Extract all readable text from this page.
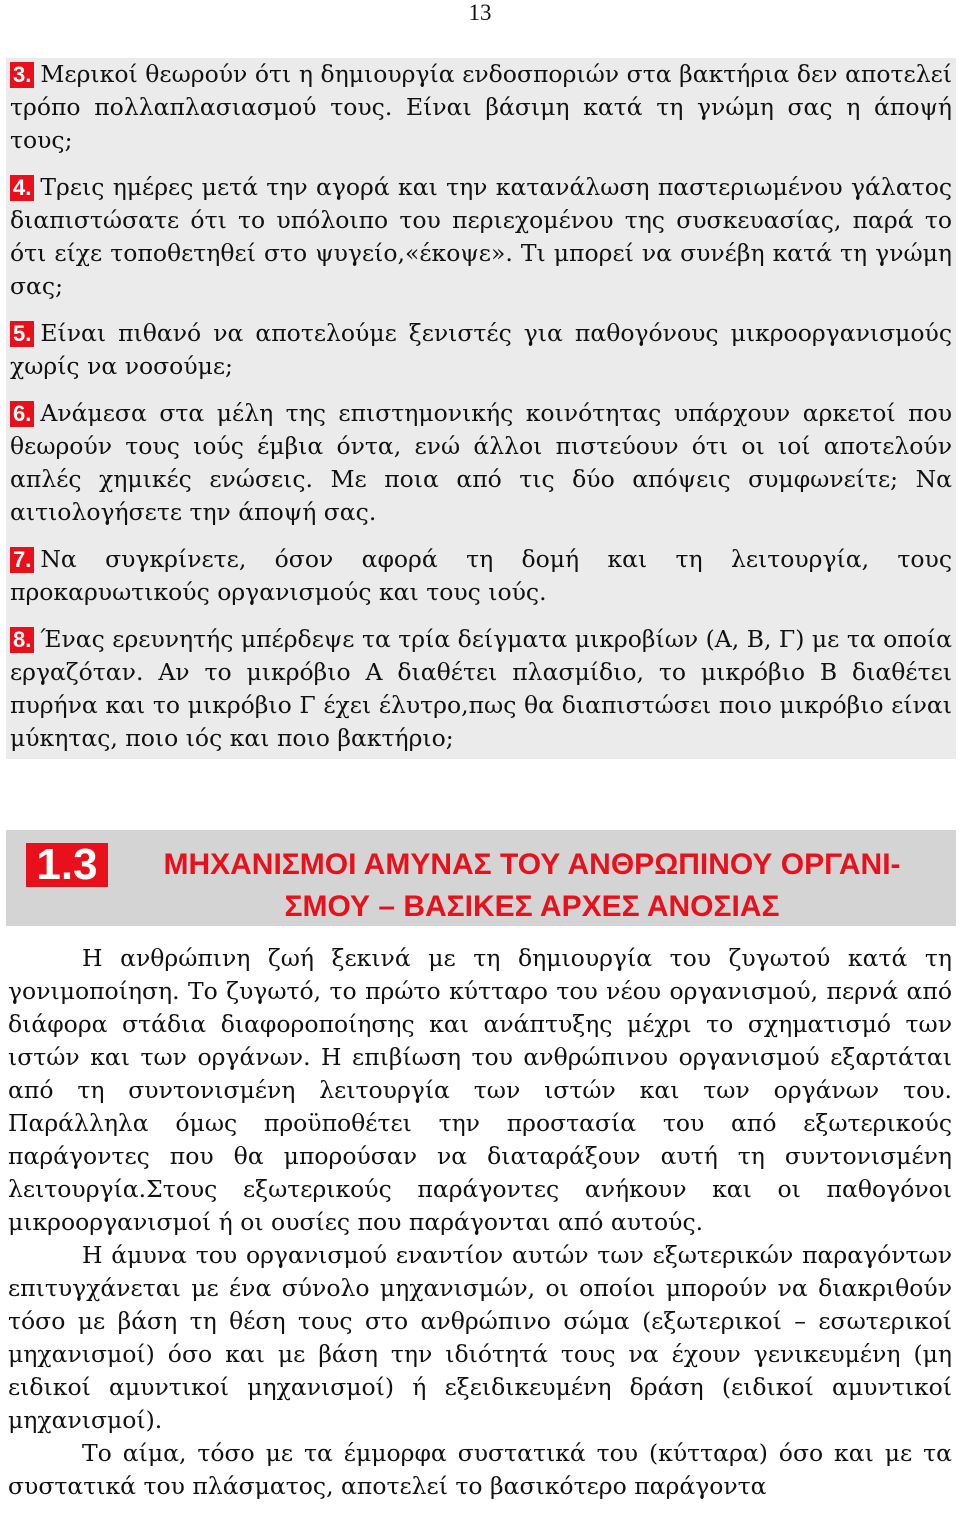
13

3. Μερικοί θεωρούν ότι η δημιουργία ενδοσποριών στα βακτήρια δεν αποτελεί τρόπο πολλαπλασιασμού τους. Είναι βάσιμη κατά τη γνώμη σας η άποψή τους;

4. Τρεις ημέρες μετά την αγορά και την κατανάλωση παστεριωμένου γάλατος διαπιστώσατε ότι το υπόλοιπο του περιεχομένου της συσκευασίας, παρά το ότι είχε τοποθετηθεί στο ψυγείο,«έκοψε». Τι μπορεί να συνέβη κατά τη γνώμη σας;

5. Είναι πιθανό να αποτελούμε ξενιστές για παθογόνους μικροοργανισμούς χωρίς να νοσούμε;

6. Ανάμεσα στα μέλη της επιστημονικής κοινότητας υπάρχουν αρκετοί που θεωρούν τους ιούς έμβια όντα, ενώ άλλοι πιστεύουν ότι οι ιοί αποτελούν απλές χημικές ενώσεις. Με ποια από τις δύο απόψεις συμφωνείτε; Να αιτιολογήσετε την άποψή σας.

7. Να συγκρίνετε, όσον αφορά τη δομή και τη λειτουργία, τους προκαρυωτικούς οργανισμούς και τους ιούς.

8. Ένας ερευνητής μπέρδεψε τα τρία δείγματα μικροβίων (Α, Β, Γ) με τα οποία εργαζόταν. Αν το μικρόβιο Α διαθέτει πλασμίδιο, το μικρόβιο Β διαθέτει πυρήνα και το μικρόβιο Γ έχει έλυτρο,πως θα διαπιστώσει ποιο μικρόβιο είναι μύκητας, ποιο ιός και ποιο βακτήριο;

1.3	ΜΗΧΑΝΙΣΜΟΙ ΑΜΥΝΑΣ ΤΟΥ ΑΝΘΡΩΠΙΝΟΥ ΟΡΓΑΝΙ-
ΣΜΟΥ – ΒΑΣΙΚΕΣ ΑΡΧΕΣ ΑΝΟΣΙΑΣ

Η ανθρώπινη ζωή ξεκινά με τη δημιουργία του ζυγωτού κατά τη γονιμοποίηση. Το ζυγωτό, το πρώτο κύτταρο του νέου οργανισμού, περνά από διάφορα στάδια διαφοροποίησης και ανάπτυξης μέχρι το σχηματισμό των ιστών και των οργάνων. Η επιβίωση του ανθρώπινου οργανισμού εξαρτάται από τη συντονισμένη λειτουργία των ιστών και των οργάνων του. Παράλληλα όμως προϋποθέτει την προστασία του από εξωτερικούς παράγοντες που θα μπορούσαν να διαταράξουν αυτή τη συντονισμένη λειτουργία.Στους εξωτερικούς παράγοντες ανήκουν και οι παθογόνοι μικροοργανισμοί ή οι ουσίες που παράγονται από αυτούς.

Η άμυνα του οργανισμού εναντίον αυτών των εξωτερικών παραγόντων επιτυγχάνεται με ένα σύνολο μηχανισμών, οι οποίοι μπορούν να διακριθούν τόσο με βάση τη θέση τους στο ανθρώπινο σώμα (εξωτερικοί – εσωτερικοί μηχανισμοί) όσο και με βάση την ιδιότητά τους να έχουν γενικευμένη (μη ειδικοί αμυντικοί μηχανισμοί) ή εξειδικευμένη δράση (ειδικοί αμυντικοί μηχανισμοί).

Το αίμα, τόσο με τα έμμορφα συστατικά του (κύτταρα) όσο και με τα συστατικά του πλάσματος, αποτελεί το βασικότερο παράγοντα
